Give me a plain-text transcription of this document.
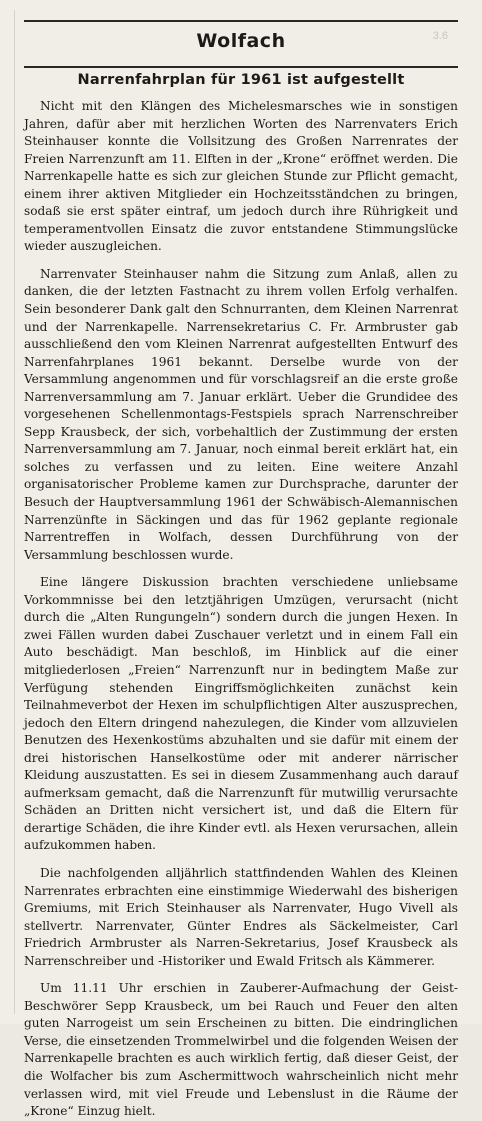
Wolfach	3.6
Narrenfahrplan für 1961 ist aufgestellt

Nicht mit den Klängen des Michelesmarsches wie in sonstigen Jahren, dafür aber mit herzlichen Worten des Narrenvaters Erich Steinhauser konnte die Vollsitzung des Großen Narrenrates der Freien Narrenzunft am 11. Elften in der „Krone“ eröffnet werden. Die Narrenkapelle hatte es sich zur gleichen Stunde zur Pflicht gemacht, einem ihrer aktiven Mitglieder ein Hochzeitsständchen zu bringen, sodaß sie erst später eintraf, um jedoch durch ihre Rührigkeit und temperamentvollen Einsatz die zuvor entstandene Stimmungslücke wieder auszugleichen.

Narrenvater Steinhauser nahm die Sitzung zum Anlaß, allen zu danken, die der letzten Fastnacht zu ihrem vollen Erfolg verhalfen. Sein besonderer Dank galt den Schnurranten, dem Kleinen Narrenrat und der Narrenkapelle. Narrensekretarius C. Fr. Armbruster gab ausschließend den vom Kleinen Narrenrat aufgestellten Entwurf des Narrenfahrplanes 1961 bekannt. Derselbe wurde von der Versammlung angenommen und für vorschlagsreif an die erste große Narrenversammlung am 7. Januar erklärt. Ueber die Grundidee des vorgesehenen Schellenmontags-Festspiels sprach Narrenschreiber Sepp Krausbeck, der sich, vorbehaltlich der Zustimmung der ersten Narrenversammlung am 7. Januar, noch einmal bereit erklärt hat, ein solches zu verfassen und zu leiten. Eine weitere Anzahl organisatorischer Probleme kamen zur Durchsprache, darunter der Besuch der Hauptversammlung 1961 der Schwäbisch-Alemannischen Narrenzünfte in Säckingen und das für 1962 geplante regionale Narrentreffen in Wolfach, dessen Durchführung von der Versammlung beschlossen wurde.

Eine längere Diskussion brachten verschiedene unliebsame Vorkommnisse bei den letztjährigen Umzügen, verursacht (nicht durch die „Alten Rungungeln“) sondern durch die jungen Hexen. In zwei Fällen wurden dabei Zuschauer verletzt und in einem Fall ein Auto beschädigt. Man beschloß, im Hinblick auf die einer mitgliederlosen „Freien“ Narrenzunft nur in bedingtem Maße zur Verfügung stehenden Eingriffsmöglichkeiten zunächst kein Teilnahmeverbot der Hexen im schulpflichtigen Alter auszusprechen, jedoch den Eltern dringend nahezulegen, die Kinder vom allzuvielen Benutzen des Hexenkostüms abzuhalten und sie dafür mit einem der drei historischen Hanselkostüme oder mit anderer närrischer Kleidung auszustatten. Es sei in diesem Zusammenhang auch darauf aufmerksam gemacht, daß die Narrenzunft für mutwillig verursachte Schäden an Dritten nicht versichert ist, und daß die Eltern für derartige Schäden, die ihre Kinder evtl. als Hexen verursachen, allein aufzukommen haben.

Die nachfolgenden alljährlich stattfindenden Wahlen des Kleinen Narrenrates erbrachten eine einstimmige Wiederwahl des bisherigen Gremiums, mit Erich Steinhauser als Narrenvater, Hugo Vivell als stellvertr. Narrenvater, Günter Endres als Säckelmeister, Carl Friedrich Armbruster als Narren-Sekretarius, Josef Krausbeck als Narrenschreiber und -Historiker und Ewald Fritsch als Kämmerer.

Um 11.11 Uhr erschien in Zauberer-Aufmachung der Geist-Beschwörer Sepp Krausbeck, um bei Rauch und Feuer den alten guten Narrogeist um sein Erscheinen zu bitten. Die eindringlichen Verse, die einsetzenden Trommelwirbel und die folgenden Weisen der Narrenkapelle brachten es auch wirklich fertig, daß dieser Geist, der die Wolfacher bis zum Aschermittwoch wahrscheinlich nicht mehr verlassen wird, mit viel Freude und Lebenslust in die Räume der „Krone“ Einzug hielt.
